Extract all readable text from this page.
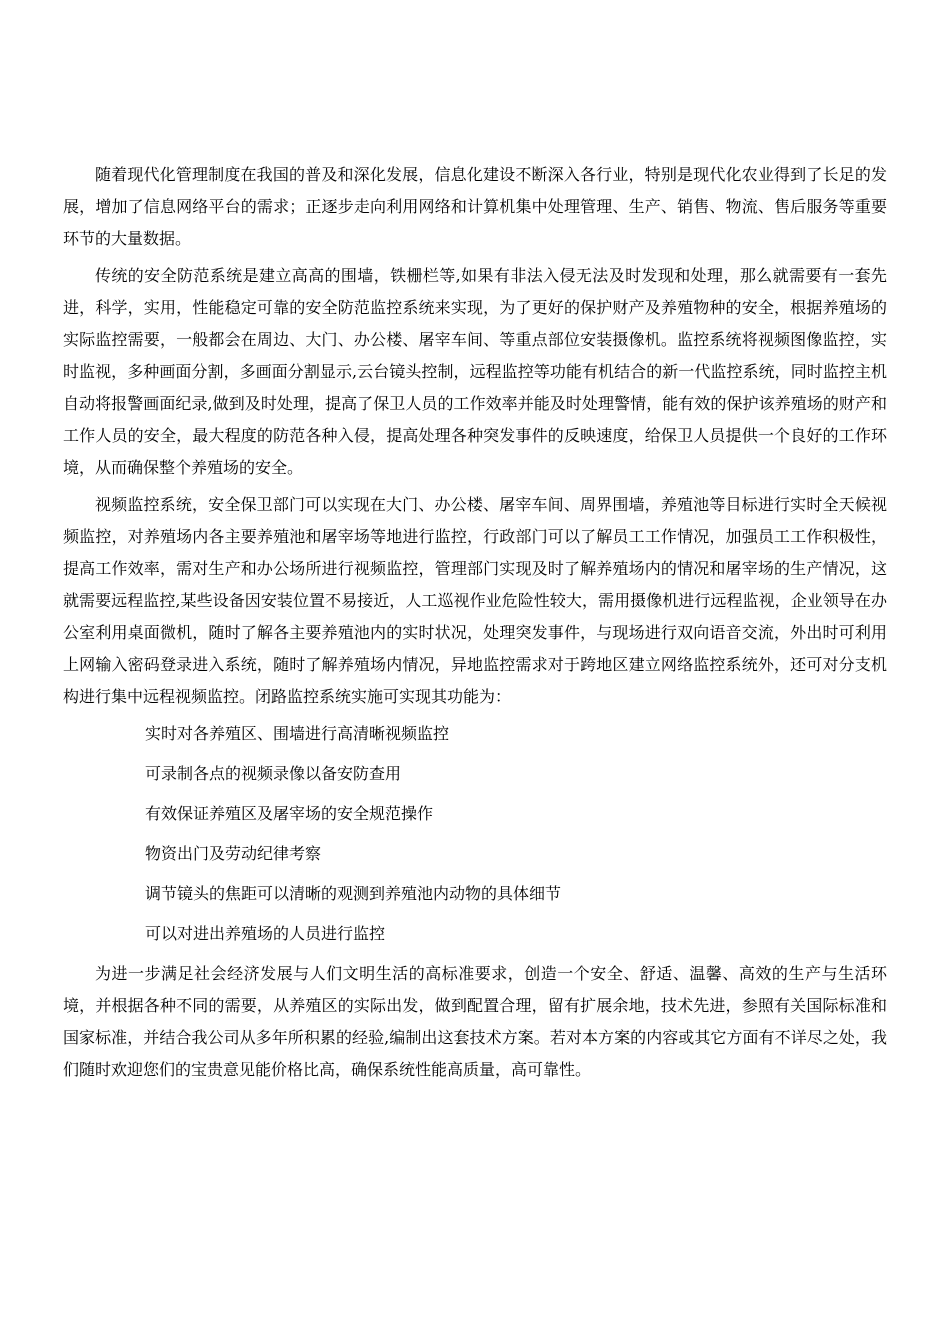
随着现代化管理制度在我国的普及和深化发展，信息化建设不断深入各行业，特别是现代化农业得到了长足的发展，增加了信息网络平台的需求；正逐步走向利用网络和计算机集中处理管理、生产、销售、物流、售后服务等重要环节的大量数据。

传统的安全防范系统是建立高高的围墙，铁栅栏等,如果有非法入侵无法及时发现和处理，那么就需要有一套先进，科学，实用，性能稳定可靠的安全防范监控系统来实现，为了更好的保护财产及养殖物种的安全，根据养殖场的实际监控需要，一般都会在周边、大门、办公楼、屠宰车间、等重点部位安装摄像机。监控系统将视频图像监控，实时监视，多种画面分割，多画面分割显示,云台镜头控制，远程监控等功能有机结合的新一代监控系统，同时监控主机自动将报警画面纪录,做到及时处理，提高了保卫人员的工作效率并能及时处理警情，能有效的保护该养殖场的财产和工作人员的安全，最大程度的防范各种入侵，提高处理各种突发事件的反映速度，给保卫人员提供一个良好的工作环境，从而确保整个养殖场的安全。

视频监控系统，安全保卫部门可以实现在大门、办公楼、屠宰车间、周界围墙，养殖池等目标进行实时全天候视频监控，对养殖场内各主要养殖池和屠宰场等地进行监控，行政部门可以了解员工工作情况，加强员工工作积极性，提高工作效率，需对生产和办公场所进行视频监控，管理部门实现及时了解养殖场内的情况和屠宰场的生产情况，这就需要远程监控,某些设备因安装位置不易接近，人工巡视作业危险性较大，需用摄像机进行远程监视，企业领导在办公室利用桌面微机，随时了解各主要养殖池内的实时状况，处理突发事件，与现场进行双向语音交流，外出时可利用上网输入密码登录进入系统，随时了解养殖场内情况，异地监控需求对于跨地区建立网络监控系统外，还可对分支机构进行集中远程视频监控。闭路监控系统实施可实现其功能为：

实时对各养殖区、围墙进行高清晰视频监控
可录制各点的视频录像以备安防查用
有效保证养殖区及屠宰场的安全规范操作
物资出门及劳动纪律考察
调节镜头的焦距可以清晰的观测到养殖池内动物的具体细节
可以对进出养殖场的人员进行监控

为进一步满足社会经济发展与人们文明生活的高标准要求，创造一个安全、舒适、温馨、高效的生产与生活环境，并根据各种不同的需要，从养殖区的实际出发，做到配置合理，留有扩展余地，技术先进，参照有关国际标准和国家标准，并结合我公司从多年所积累的经验,编制出这套技术方案。若对本方案的内容或其它方面有不详尽之处，我们随时欢迎您们的宝贵意见能价格比高，确保系统性能高质量，高可靠性。
